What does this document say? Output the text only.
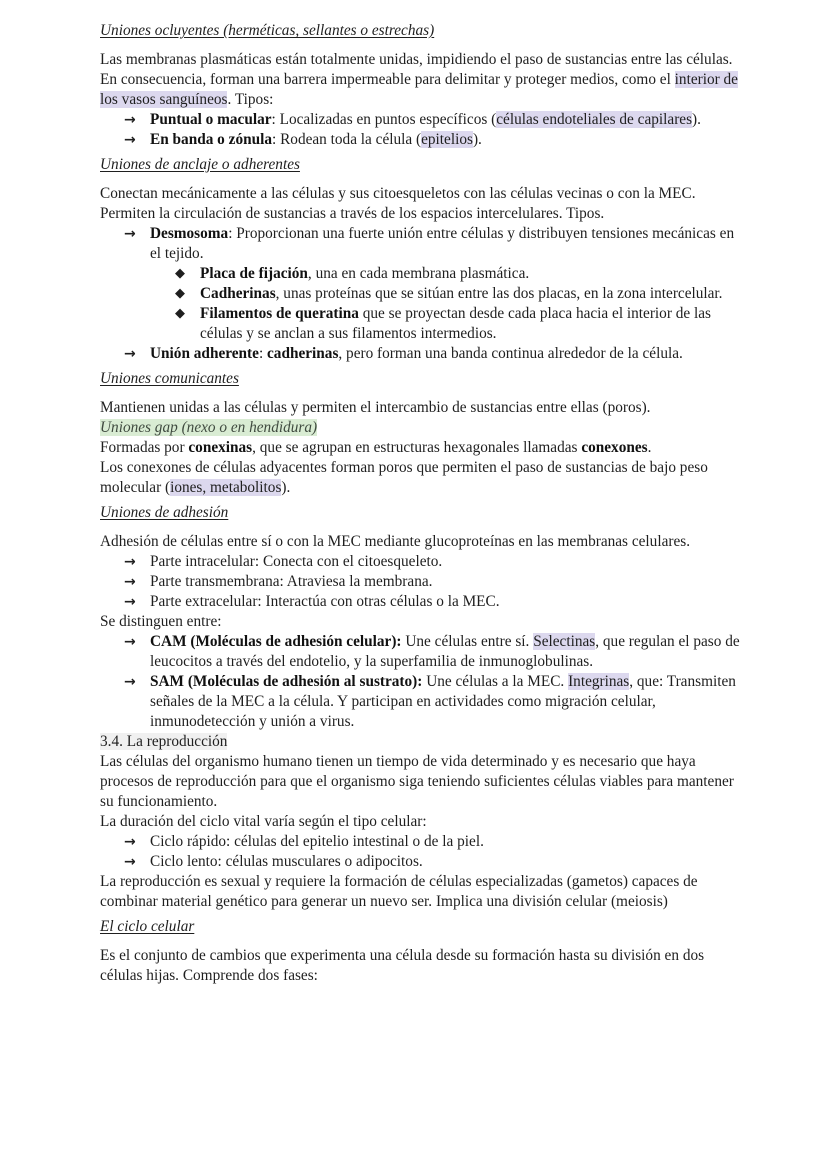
Uniones ocluyentes (herméticas, sellantes o estrechas)

Las membranas plasmáticas están totalmente unidas, impidiendo el paso de sustancias entre las células. En consecuencia, forman una barrera impermeable para delimitar y proteger medios, como el interior de los vasos sanguíneos. Tipos:

→ Puntual o macular: Localizadas en puntos específicos (células endoteliales de capilares).
→ En banda o zónula: Rodean toda la célula (epitelios).
Uniones de anclaje o adherentes

Conectan mecánicamente a las células y sus citoesqueletos con las células vecinas o con la MEC. Permiten la circulación de sustancias a través de los espacios intercelulares. Tipos.

→ Desmosoma: Proporcionan una fuerte unión entre células y distribuyen tensiones mecánicas en el tejido.
◆ Placa de fijación, una en cada membrana plasmática.
◆ Cadherinas, unas proteínas que se sitúan entre las dos placas, en la zona intercelular.
◆ Filamentos de queratina que se proyectan desde cada placa hacia el interior de las células y se anclan a sus filamentos intermedios.
→ Unión adherente: cadherinas, pero forman una banda continua alrededor de la célula.
Uniones comunicantes

Mantienen unidas a las células y permiten el intercambio de sustancias entre ellas (poros).

Uniones gap (nexo o en hendidura)

Formadas por conexinas, que se agrupan en estructuras hexagonales llamadas conexones.

Los conexones de células adyacentes forman poros que permiten el paso de sustancias de bajo peso molecular (iones, metabolitos).

Uniones de adhesión

Adhesión de células entre sí o con la MEC mediante glucoproteínas en las membranas celulares.

→ Parte intracelular: Conecta con el citoesqueleto.
→ Parte transmembrana: Atraviesa la membrana.
→ Parte extracelular: Interactúa con otras células o la MEC.

Se distinguen entre:

→ CAM (Moléculas de adhesión celular): Une células entre sí. Selectinas, que regulan el paso de leucocitos a través del endotelio, y la superfamilia de inmunoglobulinas.
→ SAM (Moléculas de adhesión al sustrato): Une células a la MEC. Integrinas, que: Transmiten señales de la MEC a la célula. Y participan en actividades como migración celular, inmunodetección y unión a virus.

3.4. La reproducción

Las células del organismo humano tienen un tiempo de vida determinado y es necesario que haya procesos de reproducción para que el organismo siga teniendo suficientes células viables para mantener su funcionamiento.

La duración del ciclo vital varía según el tipo celular:

→ Ciclo rápido: células del epitelio intestinal o de la piel.
→ Ciclo lento: células musculares o adipocitos.

La reproducción es sexual y requiere la formación de células especializadas (gametos) capaces de combinar material genético para generar un nuevo ser. Implica una división celular (meiosis)

El ciclo celular

Es el conjunto de cambios que experimenta una célula desde su formación hasta su división en dos células hijas. Comprende dos fases:
